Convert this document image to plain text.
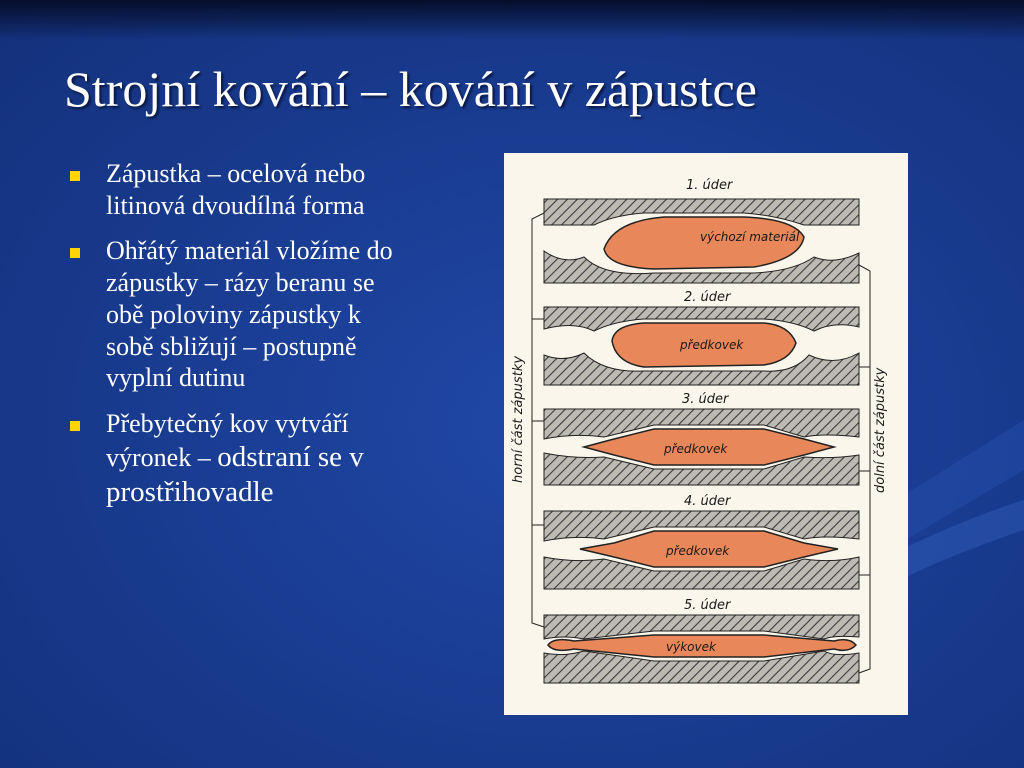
Strojní kování – kování v zápustce
Zápustka – ocelová nebo litinová dvoudílná forma
Ohřátý materiál vložíme do zápustky – rázy beranu se obě poloviny zápustky k sobě sbližují – postupně vyplní dutinu
Přebytečný kov vytváří výronek – odstraní se v prostřihovadle
1. úder
výchozí materiál
2. úder
předkovek
3. úder
předkovek
4. úder
předkovek
5. úder
výkovek
horní část zápustky	dolní část zápustky
